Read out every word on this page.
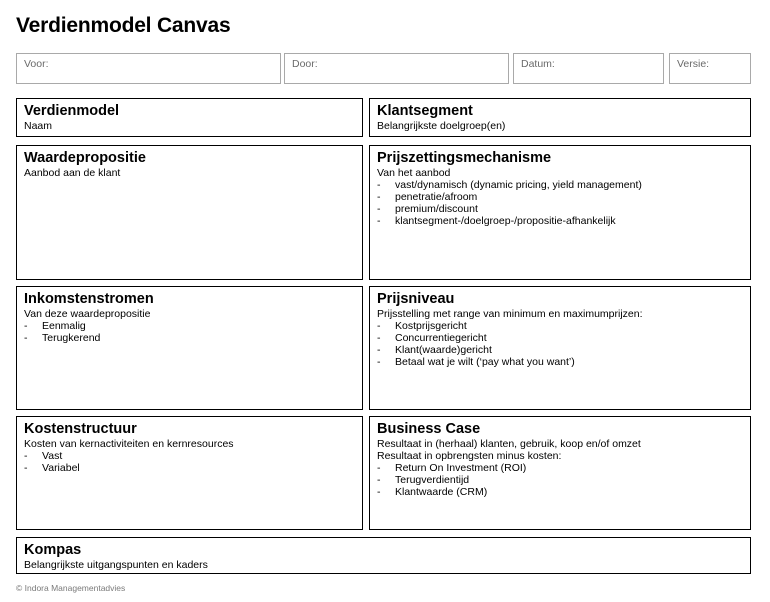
Verdienmodel Canvas
Voor:	Door:	Datum:	Versie:
Verdienmodel
Naam
Klantsegment
Belangrijkste doelgroep(en)
Waardepropositie
Aanbod aan de klant
Prijszettingsmechanisme
Van het aanbod
- vast/dynamisch (dynamic pricing, yield management)
- penetratie/afroom
- premium/discount
- klantsegment-/doelgroep-/propositie-afhankelijk
Inkomstenstromen
Van deze waardepropositie
- Eenmalig
- Terugkerend
Prijsniveau
Prijsstelling met range van minimum en maximumprijzen:
- Kostprijsgericht
- Concurrentiegericht
- Klant(waarde)gericht
- Betaal wat je wilt (‘pay what you want’)
Kostenstructuur
Kosten van kernactiviteiten en kernresources
- Vast
- Variabel
Business Case
Resultaat in (herhaal) klanten, gebruik, koop en/of omzet
Resultaat in opbrengsten minus kosten:
- Return On Investment (ROI)
- Terugverdientijd
- Klantwaarde (CRM)
Kompas
Belangrijkste uitgangspunten en kaders
© Indora Managementadvies
